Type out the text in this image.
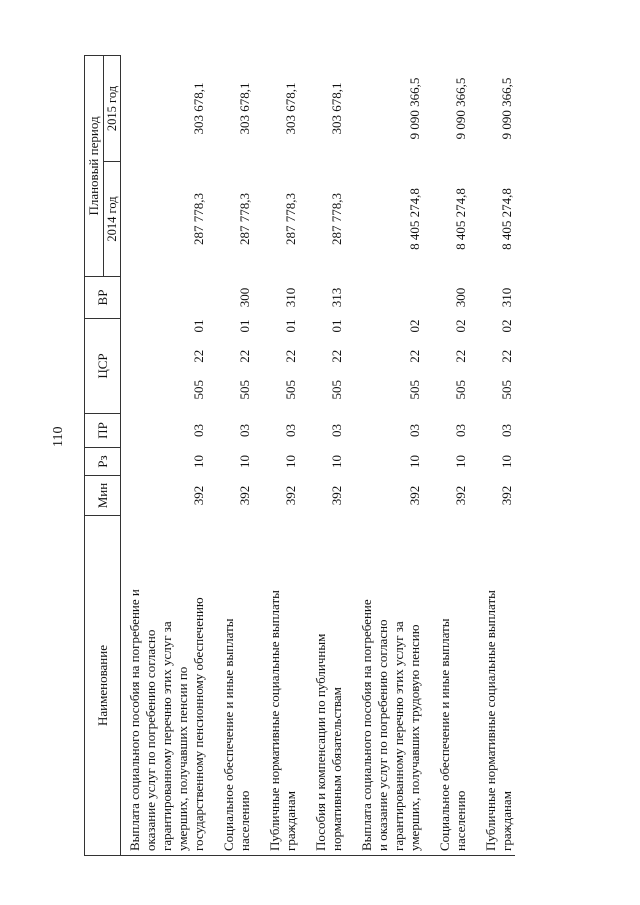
110
Наименование	Мин	Рз	ПР	ЦСР	ВР	Плановый период	
						2014 год	2015 год

Выплата социального пособия на погребение и оказание услуг по погребению согласно гарантированному перечню этих услуг за умерших, получавших пенсии по государственному пенсионному обеспечению	392	10	03	505 22 01		287 778,3	303 678,1

Социальное обеспечение и иные выплаты населению	392	10	03	505 22 01	300	287 778,3	303 678,1

Публичные нормативные социальные выплаты гражданам	392	10	03	505 22 01	310	287 778,3	303 678,1

Пособия и компенсации по публичным нормативным обязательствам	392	10	03	505 22 01	313	287 778,3	303 678,1

Выплата социального пособия на погребение и оказание услуг по погребению согласно гарантированному перечню этих услуг за умерших, получавших трудовую пенсию	392	10	03	505 22 02		8 405 274,8	9 090 366,5

Социальное обеспечение и иные выплаты населению	392	10	03	505 22 02	300	8 405 274,8	9 090 366,5

Публичные нормативные социальные выплаты гражданам	392	10	03	505 22 02	310	8 405 274,8	9 090 366,5
